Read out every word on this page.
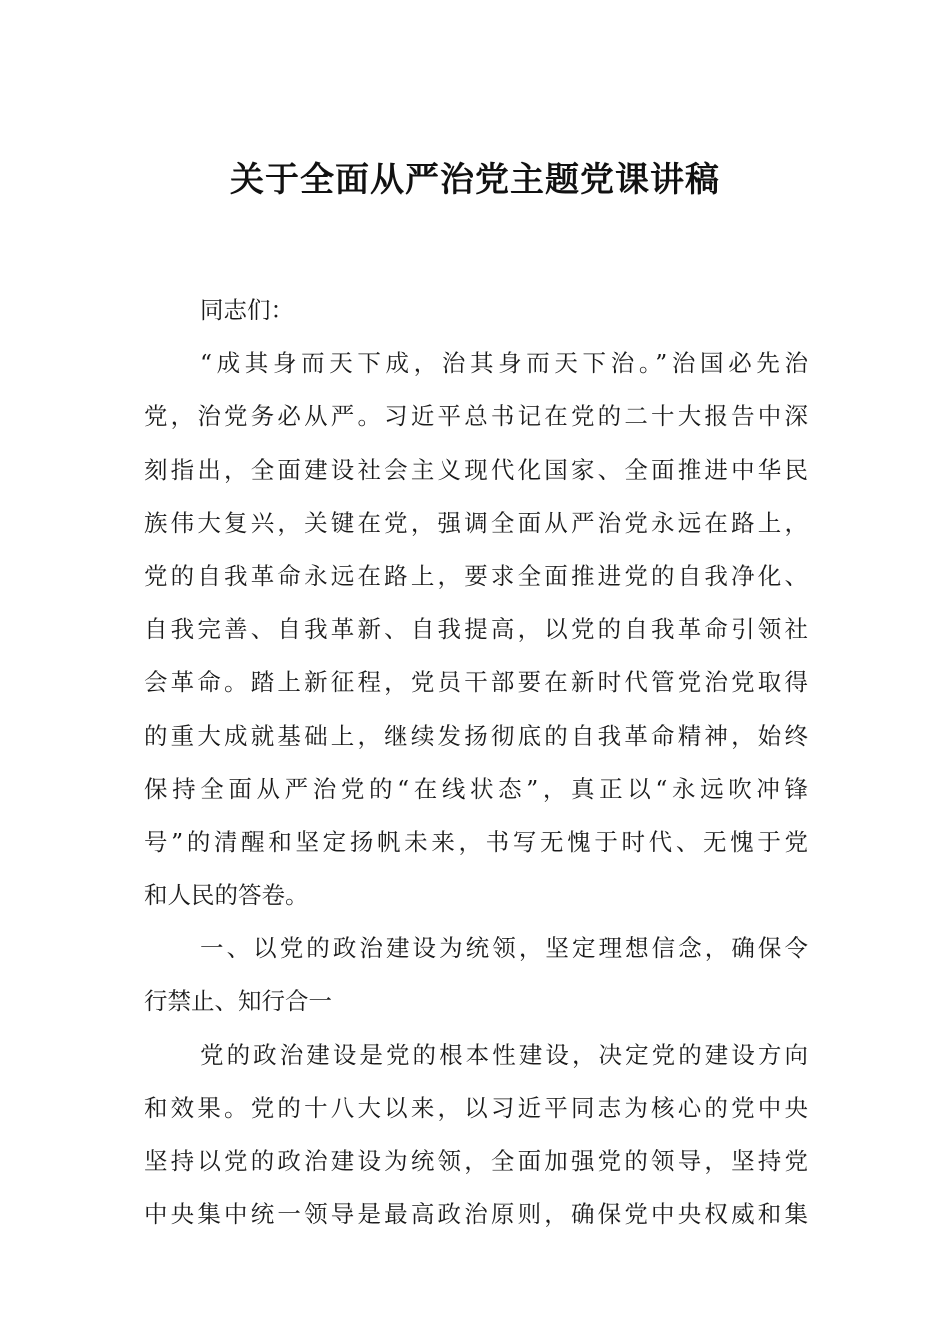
关于全面从严治党主题党课讲稿
同志们：
“成其身而天下成，治其身而天下治。”治国必先治
党，治党务必从严。习近平总书记在党的二十大报告中深
刻指出，全面建设社会主义现代化国家、全面推进中华民
族伟大复兴，关键在党，强调全面从严治党永远在路上，
党的自我革命永远在路上，要求全面推进党的自我净化、
自我完善、自我革新、自我提高，以党的自我革命引领社
会革命。踏上新征程，党员干部要在新时代管党治党取得
的重大成就基础上，继续发扬彻底的自我革命精神，始终
保持全面从严治党的“在线状态”，真正以“永远吹冲锋
号”的清醒和坚定扬帆未来，书写无愧于时代、无愧于党
和人民的答卷。
一、以党的政治建设为统领，坚定理想信念，确保令
行禁止、知行合一
党的政治建设是党的根本性建设，决定党的建设方向
和效果。党的十八大以来，以习近平同志为核心的党中央
坚持以党的政治建设为统领，全面加强党的领导，坚持党
中央集中统一领导是最高政治原则，确保党中央权威和集
